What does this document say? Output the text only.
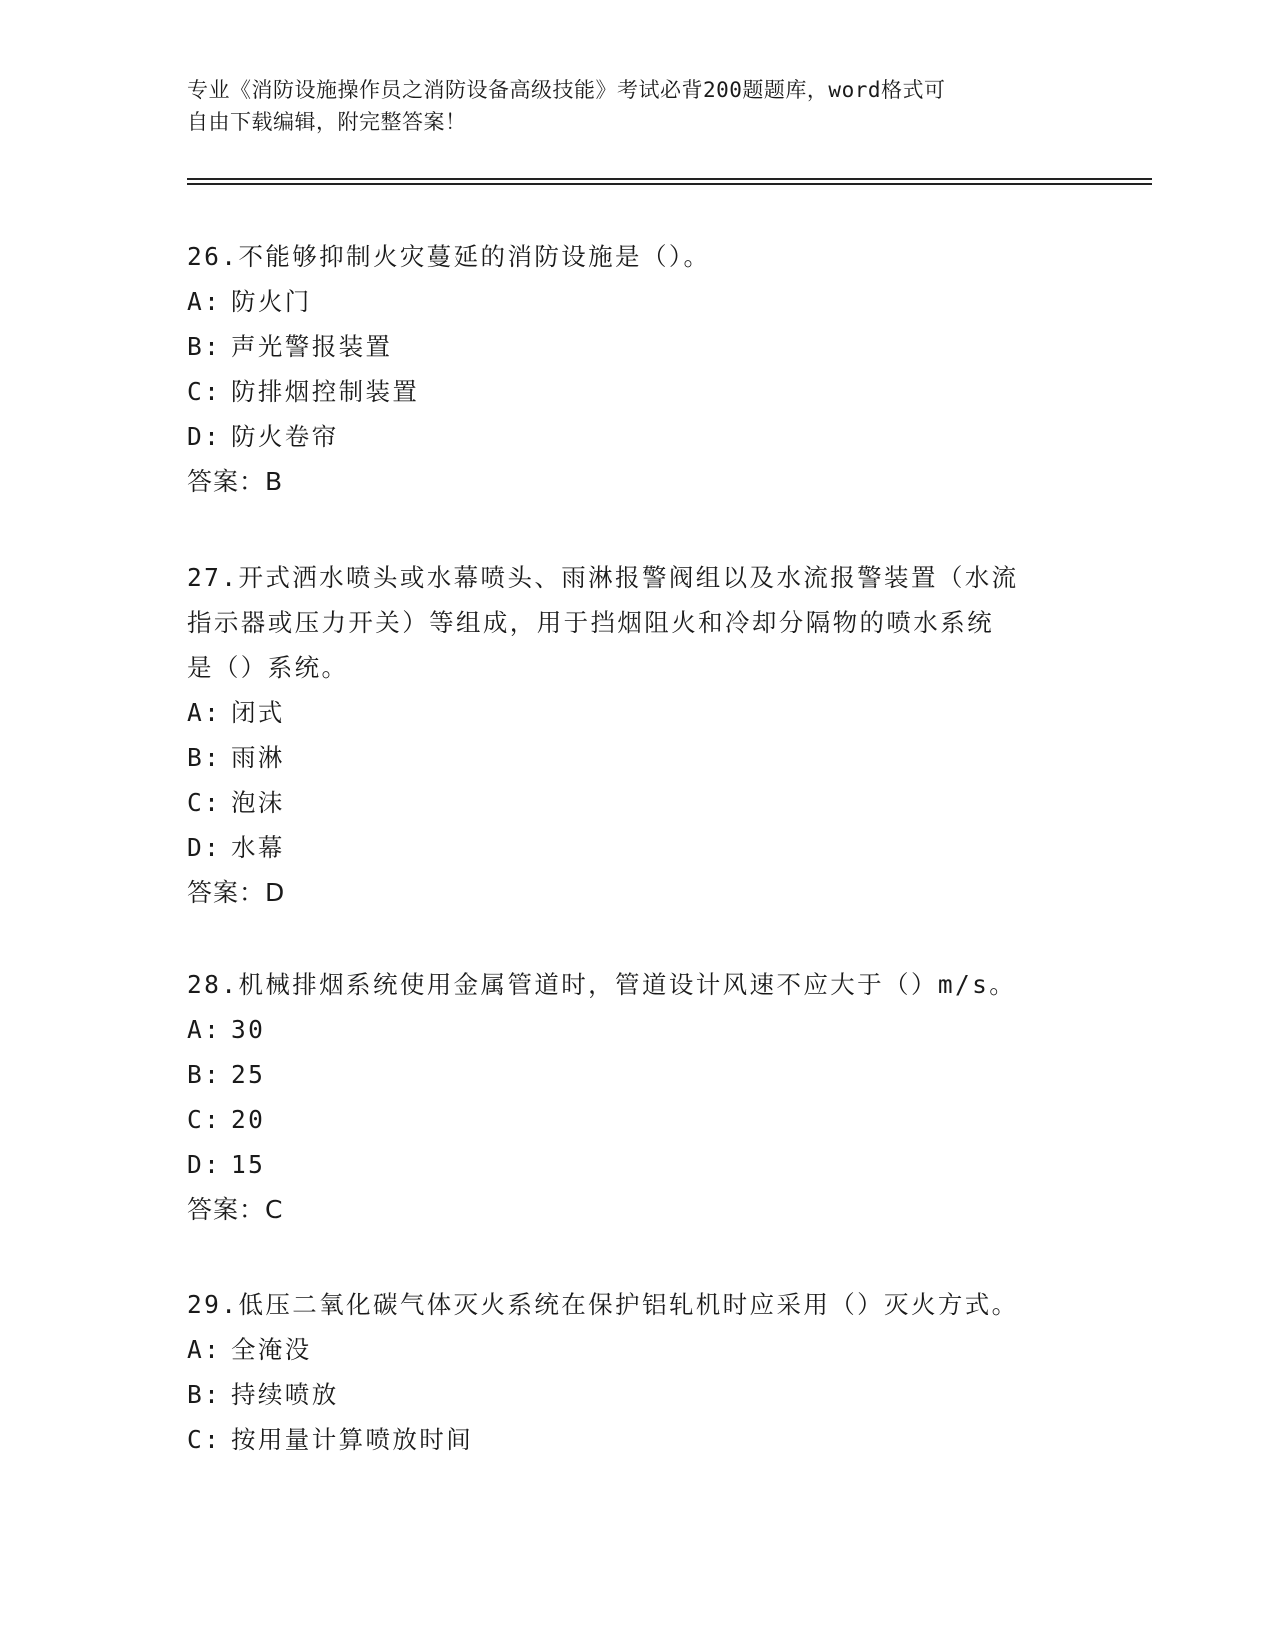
专业《消防设施操作员之消防设备高级技能》考试必背200题题库，word格式可
自由下载编辑，附完整答案！
26.不能够抑制火灾蔓延的消防设施是（）。
A: 防火门
B: 声光警报装置
C: 防排烟控制装置
D: 防火卷帘
答案：B
27.开式洒水喷头或水幕喷头、雨淋报警阀组以及水流报警装置（水流
指示器或压力开关）等组成，用于挡烟阻火和冷却分隔物的喷水系统
是（）系统。
A: 闭式
B: 雨淋
C: 泡沫
D: 水幕
答案：D
28.机械排烟系统使用金属管道时，管道设计风速不应大于（）m/s。
A: 30
B: 25
C: 20
D: 15
答案：C
29.低压二氧化碳气体灭火系统在保护铝轧机时应采用（）灭火方式。
A: 全淹没
B: 持续喷放
C: 按用量计算喷放时间
